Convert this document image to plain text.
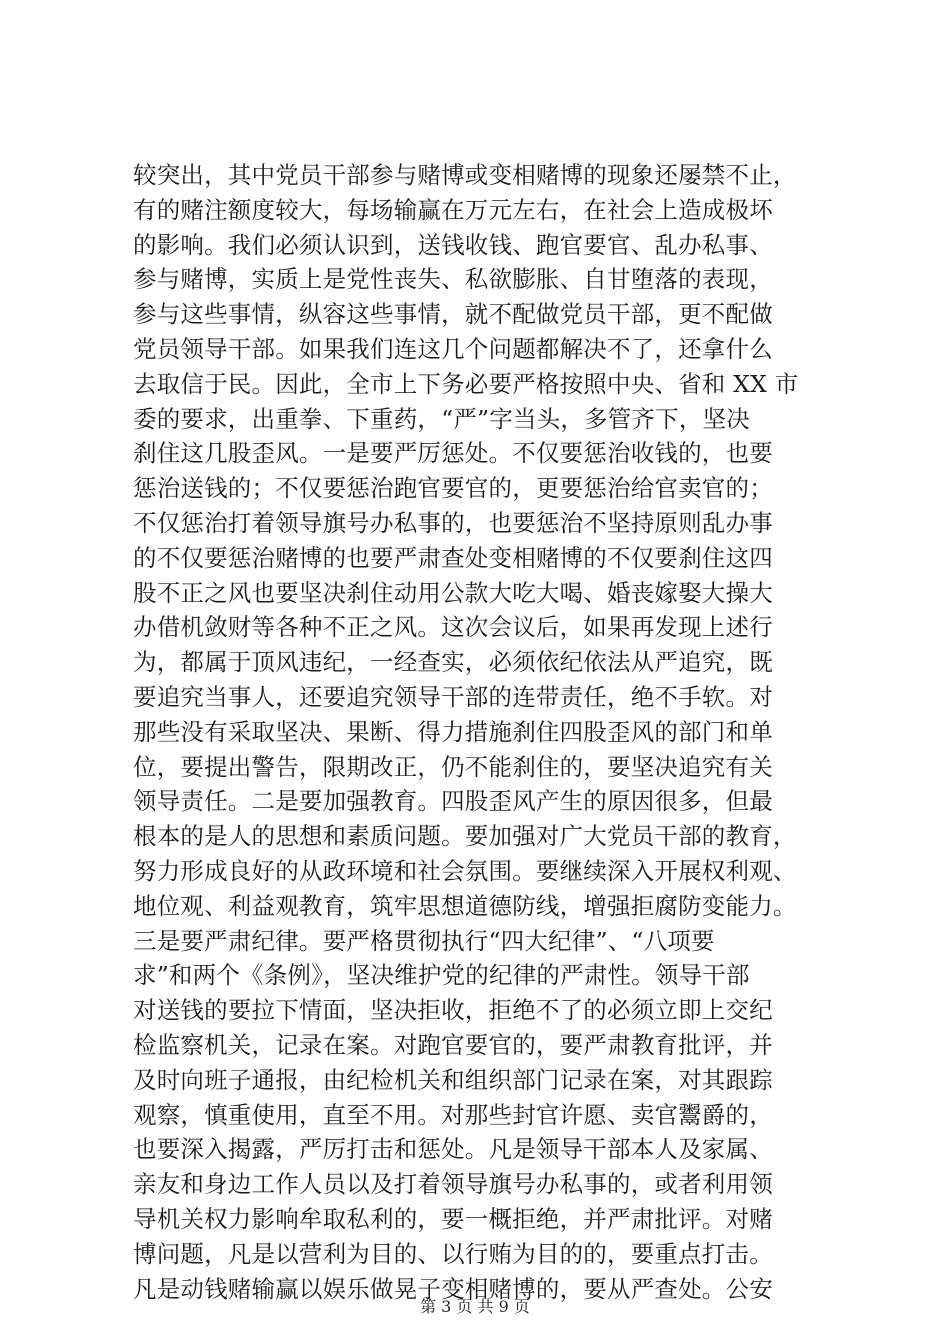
较突出，其中党员干部参与赌博或变相赌博的现象还屡禁不止，
有的赌注额度较大，每场输赢在万元左右，在社会上造成极坏
的影响。我们必须认识到，送钱收钱、跑官要官、乱办私事、
参与赌博，实质上是党性丧失、私欲膨胀、自甘堕落的表现，
参与这些事情，纵容这些事情，就不配做党员干部，更不配做
党员领导干部。如果我们连这几个问题都解决不了，还拿什么
去取信于民。因此，全市上下务必要严格按照中央、省和 XX 市
委的要求，出重拳、下重药，“严”字当头，多管齐下，坚决
刹住这几股歪风。一是要严厉惩处。不仅要惩治收钱的，也要
惩治送钱的；不仅要惩治跑官要官的，更要惩治给官卖官的；
不仅惩治打着领导旗号办私事的，也要惩治不坚持原则乱办事
的不仅要惩治赌博的也要严肃查处变相赌博的不仅要刹住这四
股不正之风也要坚决刹住动用公款大吃大喝、婚丧嫁娶大操大
办借机敛财等各种不正之风。这次会议后，如果再发现上述行
为，都属于顶风违纪，一经查实，必须依纪依法从严追究，既
要追究当事人，还要追究领导干部的连带责任，绝不手软。对
那些没有采取坚决、果断、得力措施刹住四股歪风的部门和单
位，要提出警告，限期改正，仍不能刹住的，要坚决追究有关
领导责任。二是要加强教育。四股歪风产生的原因很多，但最
根本的是人的思想和素质问题。要加强对广大党员干部的教育，
努力形成良好的从政环境和社会氛围。要继续深入开展权利观、
地位观、利益观教育，筑牢思想道德防线，增强拒腐防变能力。
三是要严肃纪律。要严格贯彻执行“四大纪律”、“八项要
求”和两个《条例》，坚决维护党的纪律的严肃性。领导干部
对送钱的要拉下情面，坚决拒收，拒绝不了的必须立即上交纪
检监察机关，记录在案。对跑官要官的，要严肃教育批评，并
及时向班子通报，由纪检机关和组织部门记录在案，对其跟踪
观察，慎重使用，直至不用。对那些封官许愿、卖官鬻爵的，
也要深入揭露，严厉打击和惩处。凡是领导干部本人及家属、
亲友和身边工作人员以及打着领导旗号办私事的，或者利用领
导机关权力影响牟取私利的，要一概拒绝，并严肃批评。对赌
博问题，凡是以营利为目的、以行贿为目的的，要重点打击。
凡是动钱赌输赢以娱乐做晃子变相赌博的，要从严查处。公安
第 3 页 共 9 页
